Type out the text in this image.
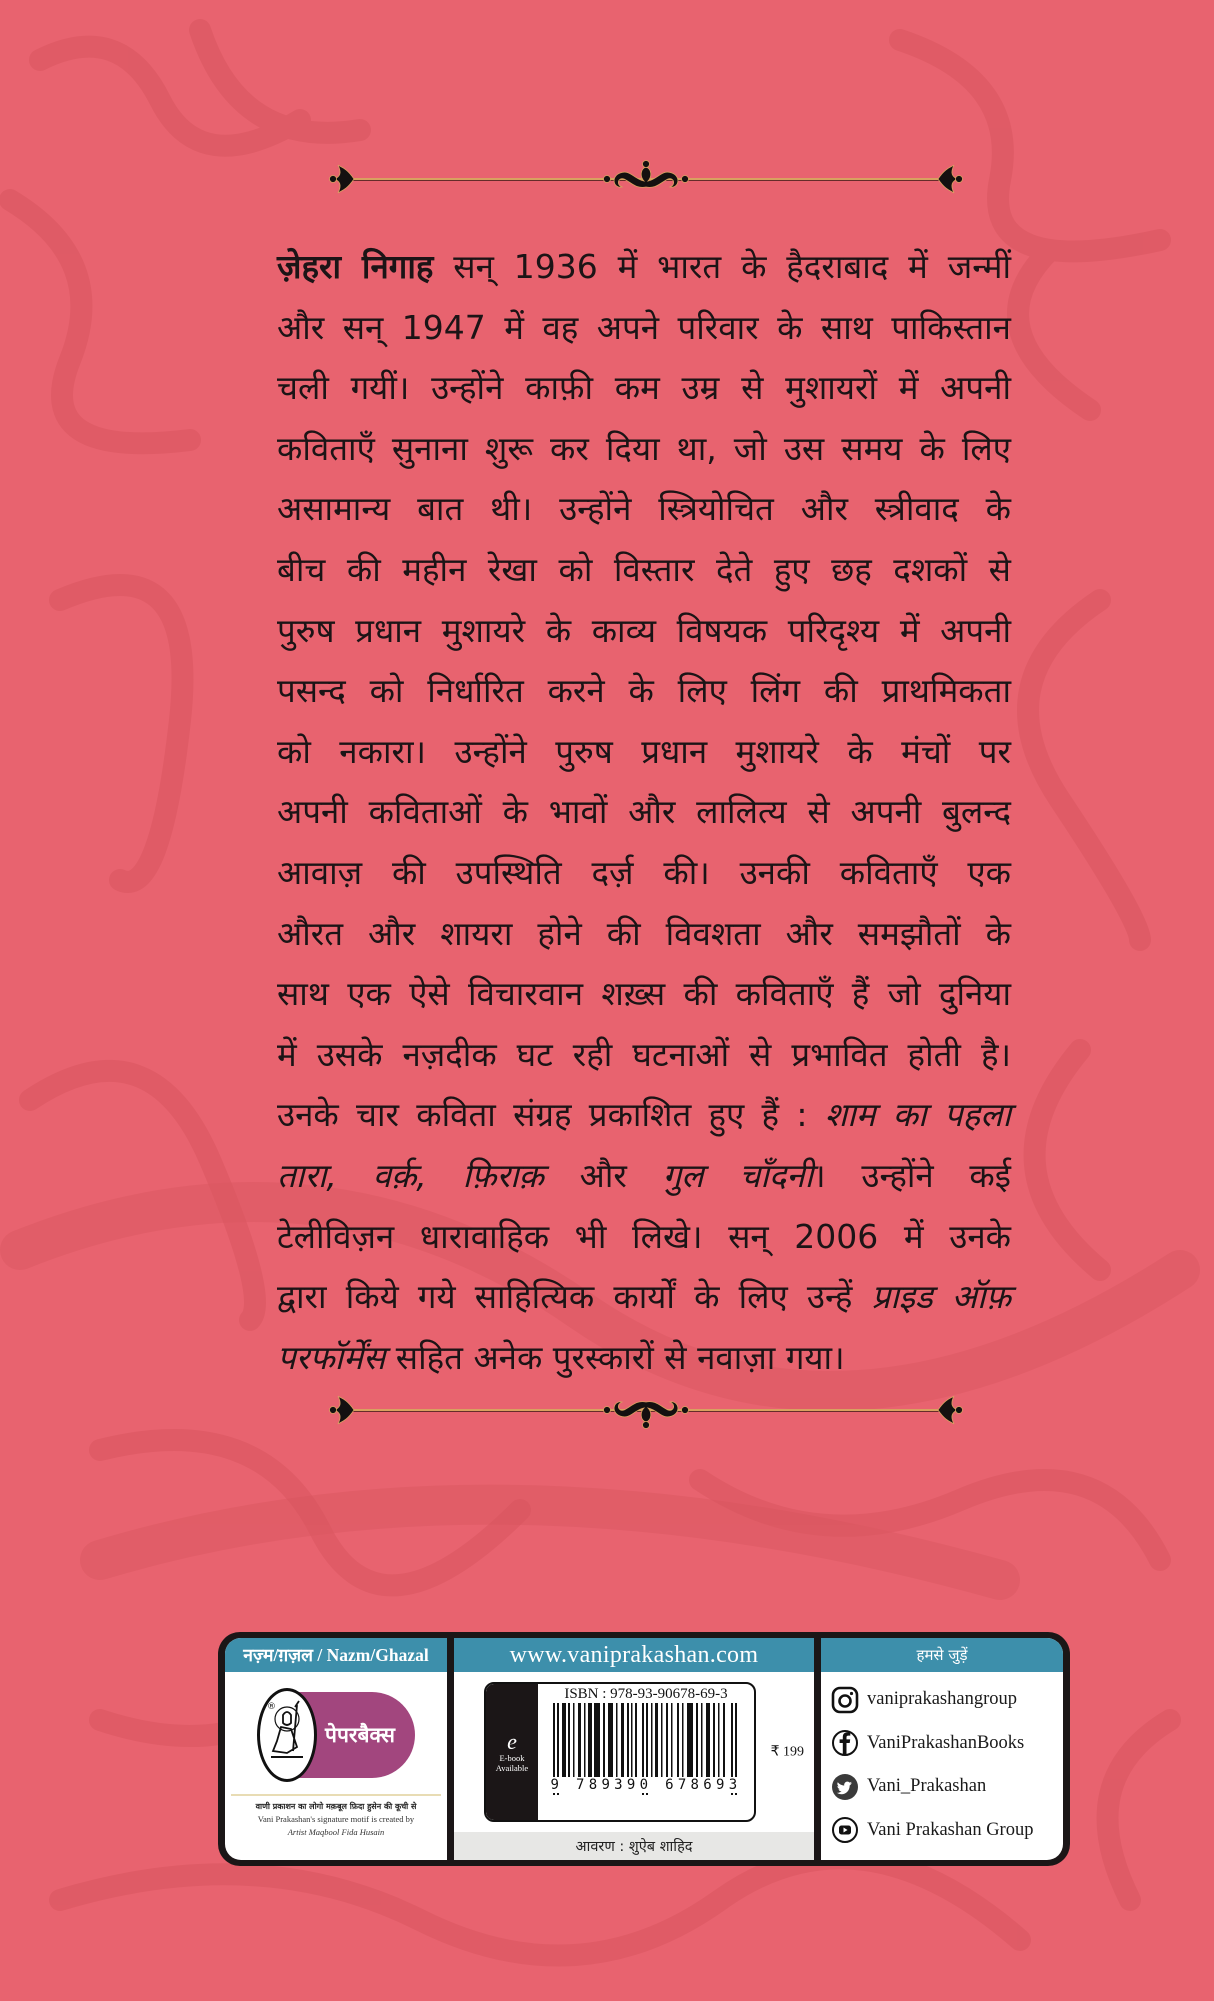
ज़ेहरा निगाह सन् 1936 में भारत के हैदराबाद में जन्मीं
और सन् 1947 में वह अपने परिवार के साथ पाकिस्तान
चली गयीं। उन्होंने काफ़ी कम उम्र से मुशायरों में अपनी
कविताएँ सुनाना शुरू कर दिया था, जो उस समय के लिए
असामान्य बात थी। उन्होंने स्त्रियोचित और स्त्रीवाद के
बीच की महीन रेखा को विस्तार देते हुए छह दशकों से
पुरुष प्रधान मुशायरे के काव्य विषयक परिदृश्य में अपनी
पसन्द को निर्धारित करने के लिए लिंग की प्राथमिकता
को नकारा। उन्होंने पुरुष प्रधान मुशायरे के मंचों पर
अपनी कविताओं के भावों और लालित्य से अपनी बुलन्द
आवाज़ की उपस्थिति दर्ज़ की। उनकी कविताएँ एक
औरत और शायरा होने की विवशता और समझौतों के
साथ एक ऐसे विचारवान शख़्स की कविताएँ हैं जो दुनिया
में उसके नज़दीक घट रही घटनाओं से प्रभावित होती है।
उनके चार कविता संग्रह प्रकाशित हुए हैं : शाम का पहला
तारा, वर्क़, फ़िराक़ और गुल चाँदनी। उन्होंने कई
टेलीविज़न धारावाहिक भी लिखे। सन् 2006 में उनके
द्वारा किये गये साहित्यिक कार्यों के लिए उन्हें प्राइड ऑफ़
परफॉर्मेंस सहित अनेक पुरस्कारों से नवाज़ा गया।
नज़्म/ग़ज़ल / Nazm/Ghazal
पेपरबैक्स
®
वाणी प्रकाशन का लोगो मक़बूल फ़िदा हुसेन की कूची से
Vani Prakashan's signature motif is created by
Artist Maqbool Fida Husain
www.vaniprakashan.com
e
E-book
Available
ISBN : 978-93-90678-69-3
9 789390 678693
₹ 199
आवरण : शुऐब शाहिद
हमसे जुड़ें
vaniprakashangroup
VaniPrakashanBooks
Vani_Prakashan
Vani Prakashan Group
